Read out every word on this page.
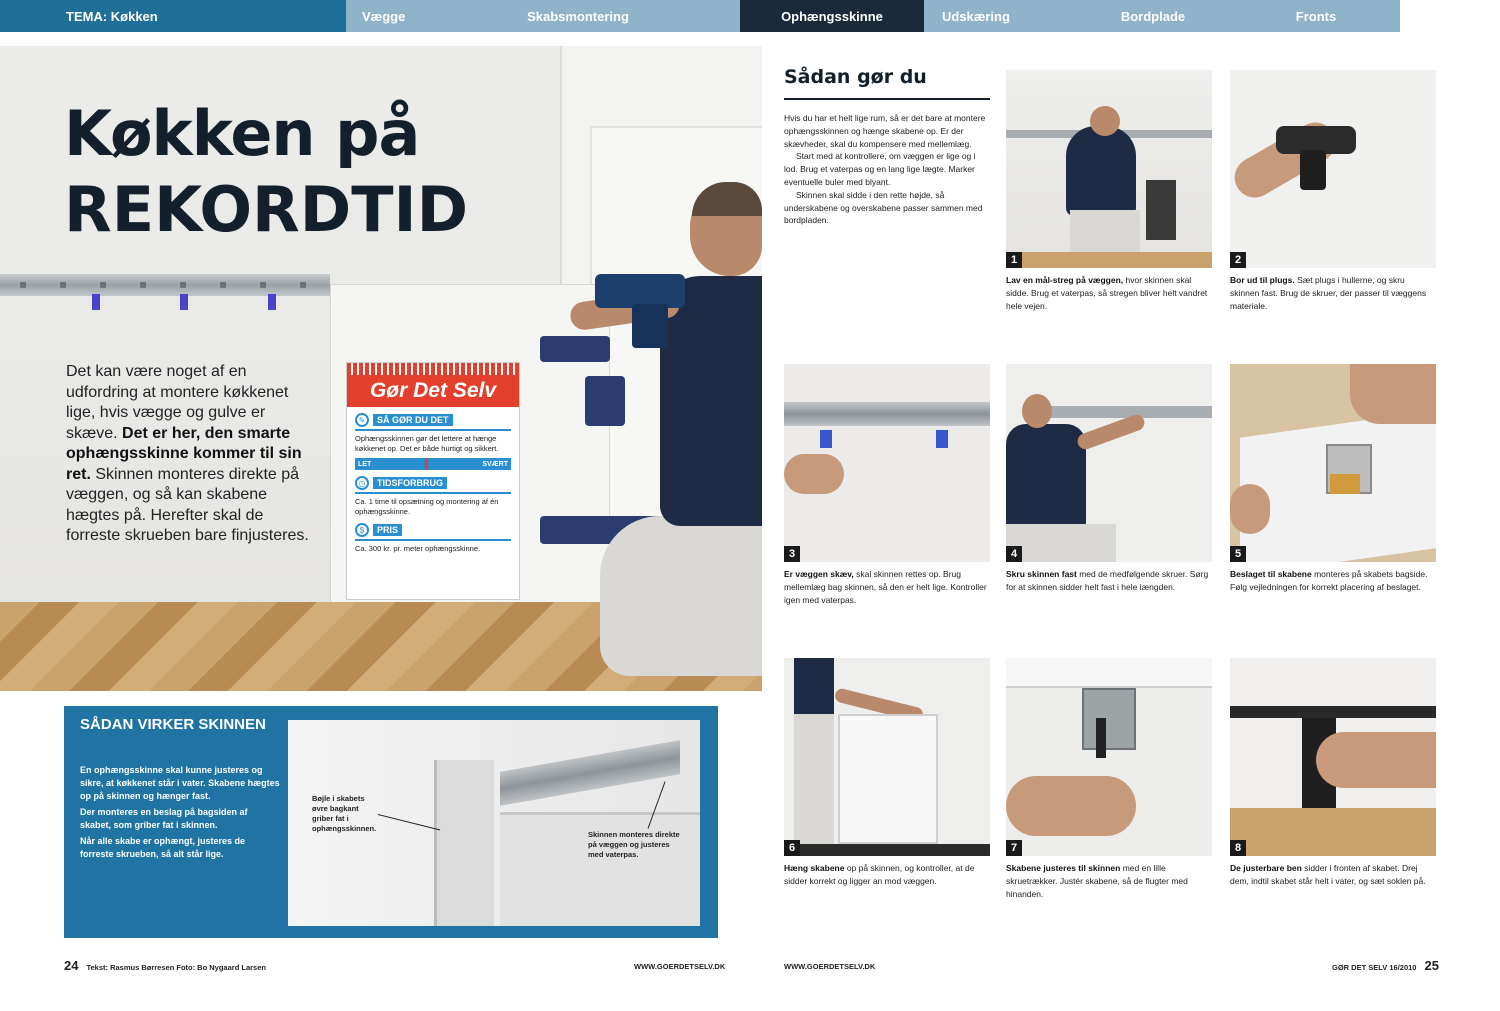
TEMA: Køkken	Vægge	Skabsmontering	Ophængsskinne	Udskæring	Bordplade	Fronts
Køkken på
REKORDTID
Det kan være noget af en udfordring at montere køkkenet lige, hvis vægge og gulve er skæve. Det er her, den smarte ophængsskinne kommer til sin ret. Skinnen monteres direkte på væggen, og så kan skabene hægtes på. Herefter skal de forreste skrueben bare finjusteres.
Gør Det Selv
✎	SÅ GØR DU DET
Ophængsskinnen gør det lettere at hænge køkkenet op. Det er både hurtigt og sikkert.
LET	SVÆRT
◷	TIDSFORBRUG
Ca. 1 time til opsætning og montering af én ophængsskinne.
$	PRIS
Ca. 300 kr. pr. meter ophængsskinne.
SÅDAN VIRKER SKINNEN

En ophængsskinne skal kunne justeres og sikre, at køkkenet står i vater. Skabene hægtes op på skinnen og hænger fast.

Der monteres en beslag på bagsiden af skabet, som griber fat i skinnen.

Når alle skabe er ophængt, justeres de forreste skrueben, så alt står lige.

Bøjle i skabets øvre bagkant griber fat i ophængsskinnen.
Skinnen monteres direkte på væggen og justeres med vaterpas.
24 Tekst: Rasmus Børresen Foto: Bo Nygaard Larsen	WWW.GOERDETSELV.DK	WWW.GOERDETSELV.DK	GØR DET SELV 16/2010 25
Sådan gør du

Hvis du har et helt lige rum, så er det bare at montere ophængsskinnen og hænge skabene op. Er der skævheder, skal du kompensere med mellemlæg.

Start med at kontrollere, om væggen er lige og i lod. Brug et vaterpas og en lang lige lægte. Marker eventuelle buler med blyant.

Skinnen skal sidde i den rette højde, så underskabene og overskabene passer sammen med bordpladen.

1
Lav en mål-streg på væggen, hvor skinnen skal sidde. Brug et vaterpas, så stregen bliver helt vandret hele vejen.
2
Bor ud til plugs. Sæt plugs i hullerne, og skru skinnen fast. Brug de skruer, der passer til væggens materiale.
3
Er væggen skæv, skal skinnen rettes op. Brug mellemlæg bag skinnen, så den er helt lige. Kontroller igen med vaterpas.
4
Skru skinnen fast med de medfølgende skruer. Sørg for at skinnen sidder helt fast i hele længden.
5
Beslaget til skabene monteres på skabets bagside. Følg vejledningen for korrekt placering af beslaget.
6
Hæng skabene op på skinnen, og kontroller, at de sidder korrekt og ligger an mod væggen.
7
Skabene justeres til skinnen med en lille skruetrækker. Justér skabene, så de flugter med hinanden.
8
De justerbare ben sidder i fronten af skabet. Drej dem, indtil skabet står helt i vater, og sæt soklen på.
